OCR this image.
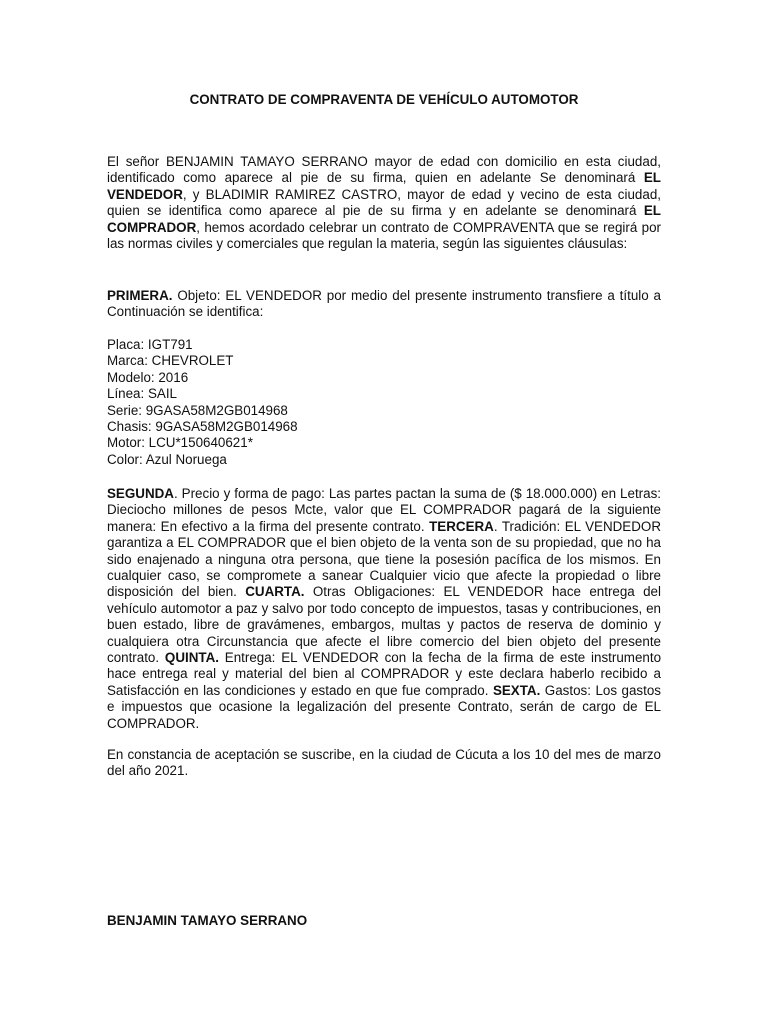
CONTRATO DE COMPRAVENTA DE VEHÍCULO AUTOMOTOR

El señor BENJAMIN TAMAYO SERRANO mayor de edad con domicilio en esta ciudad, identificado como aparece al pie de su firma, quien en adelante Se denominará EL VENDEDOR, y BLADIMIR RAMIREZ CASTRO, mayor de edad y vecino de esta ciudad, quien se identifica como aparece al pie de su firma y en adelante se denominará EL COMPRADOR, hemos acordado celebrar un contrato de COMPRAVENTA que se regirá por las normas civiles y comerciales que regulan la materia, según las siguientes cláusulas:

PRIMERA. Objeto: EL VENDEDOR por medio del presente instrumento transfiere a título a Continuación se identifica:

Placa: IGT791
Marca: CHEVROLET
Modelo: 2016
Línea: SAIL
Serie: 9GASA58M2GB014968
Chasis: 9GASA58M2GB014968
Motor: LCU*150640621*
Color: Azul Noruega

SEGUNDA. Precio y forma de pago: Las partes pactan la suma de ($ 18.000.000) en Letras: Dieciocho millones de pesos Mcte, valor que EL COMPRADOR pagará de la siguiente manera: En efectivo a la firma del presente contrato. TERCERA. Tradición: EL VENDEDOR garantiza a EL COMPRADOR que el bien objeto de la venta son de su propiedad, que no ha sido enajenado a ninguna otra persona, que tiene la posesión pacífica de los mismos. En cualquier caso, se compromete a sanear Cualquier vicio que afecte la propiedad o libre disposición del bien. CUARTA. Otras Obligaciones: EL VENDEDOR hace entrega del vehículo automotor a paz y salvo por todo concepto de impuestos, tasas y contribuciones, en buen estado, libre de gravámenes, embargos, multas y pactos de reserva de dominio y cualquiera otra Circunstancia que afecte el libre comercio del bien objeto del presente contrato. QUINTA. Entrega: EL VENDEDOR con la fecha de la firma de este instrumento hace entrega real y material del bien al COMPRADOR y este declara haberlo recibido a Satisfacción en las condiciones y estado en que fue comprado. SEXTA. Gastos: Los gastos e impuestos que ocasione la legalización del presente Contrato, serán de cargo de EL COMPRADOR.

En constancia de aceptación se suscribe, en la ciudad de Cúcuta a los 10 del mes de marzo del año 2021.

BENJAMIN TAMAYO SERRANO
